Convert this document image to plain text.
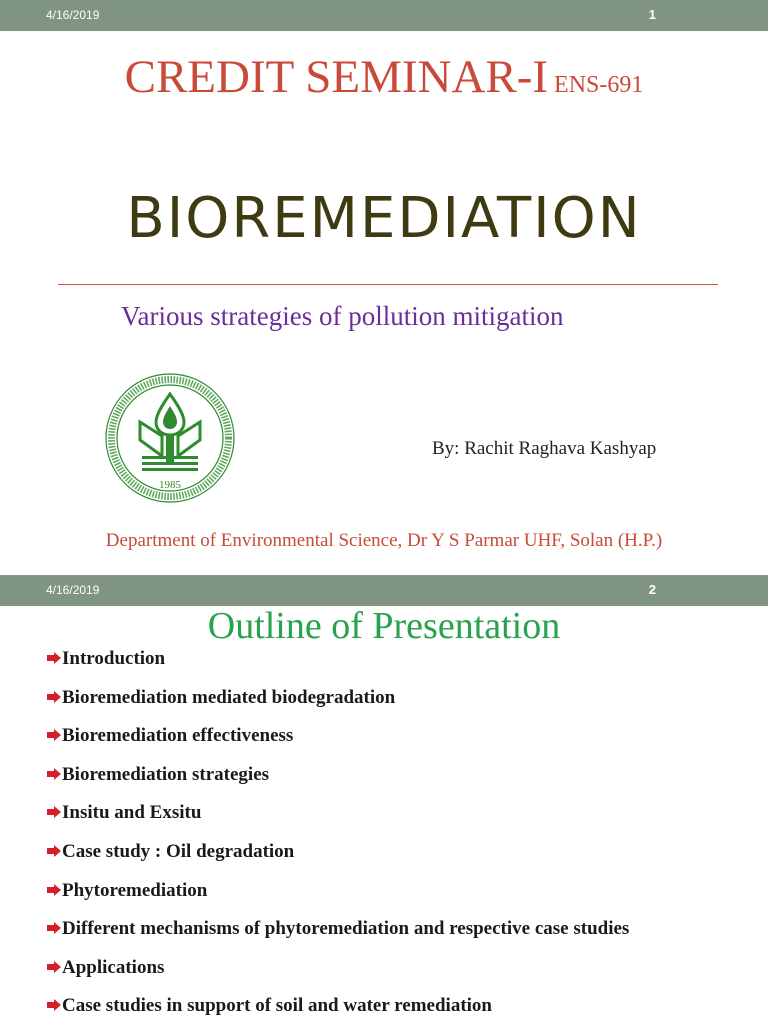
4/16/2019	1
CREDIT SEMINAR-I ENS-691
BIOREMEDIATION
Various strategies of pollution mitigation
1985
By: Rachit Raghava Kashyap
Department of Environmental Science, Dr Y S Parmar UHF, Solan (H.P.)
4/16/2019	2
Outline of Presentation
Introduction
Bioremediation mediated biodegradation
Bioremediation effectiveness
Bioremediation strategies
Insitu and Exsitu
Case study : Oil degradation
Phytoremediation
Different mechanisms of phytoremediation and respective case studies
Applications
Case studies in support of soil and water remediation
